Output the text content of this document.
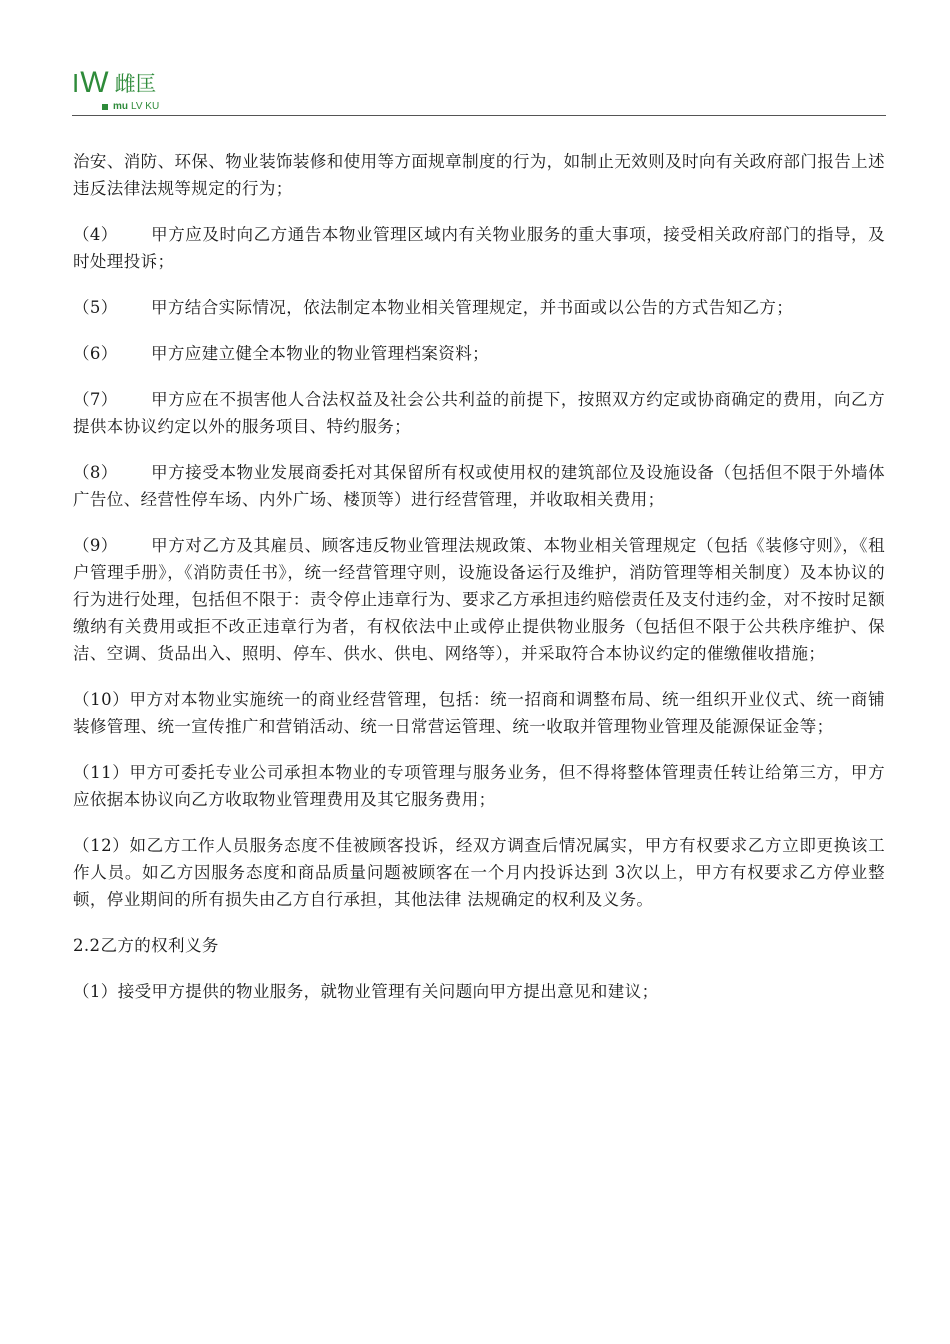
I W 雌匡
mu LV KU

治安、消防、环保、物业装饰装修和使用等方面规章制度的行为，如制止无效则及时向有关政府部门报告上述违反法律法规等规定的行为；

（4） 甲方应及时向乙方通告本物业管理区域内有关物业服务的重大事项，接受相关政府部门的指导，及时处理投诉；

（5） 甲方结合实际情况，依法制定本物业相关管理规定，并书面或以公告的方式告知乙方；

（6） 甲方应建立健全本物业的物业管理档案资料；

（7） 甲方应在不损害他人合法权益及社会公共利益的前提下，按照双方约定或协商确定的费用，向乙方提供本协议约定以外的服务项目、特约服务；

（8） 甲方接受本物业发展商委托对其保留所有权或使用权的建筑部位及设施设备（包括但不限于外墙体广告位、经营性停车场、内外广场、楼顶等）进行经营管理，并收取相关费用；

（9） 甲方对乙方及其雇员、顾客违反物业管理法规政策、本物业相关管理规定（包括《装修守则》，《租户管理手册》，《消防责任书》，统一经营管理守则，设施设备运行及维护，消防管理等相关制度）及本协议的行为进行处理，包括但不限于：责令停止违章行为、要求乙方承担违约赔偿责任及支付违约金，对不按时足额缴纳有关费用或拒不改正违章行为者，有权依法中止或停止提供物业服务（包括但不限于公共秩序维护、保洁、空调、货品出入、照明、停车、供水、供电、网络等），并采取符合本协议约定的催缴催收措施；

（10）甲方对本物业实施统一的商业经营管理，包括：统一招商和调整布局、统一组织开业仪式、统一商铺装修管理、统一宣传推广和营销活动、统一日常营运管理、统一收取并管理物业管理及能源保证金等；

（11）甲方可委托专业公司承担本物业的专项管理与服务业务，但不得将整体管理责任转让给第三方，甲方应依据本协议向乙方收取物业管理费用及其它服务费用；

（12）如乙方工作人员服务态度不佳被顾客投诉，经双方调查后情况属实，甲方有权要求乙方立即更换该工作人员。如乙方因服务态度和商品质量问题被顾客在一个月内投诉达到 3次以上，甲方有权要求乙方停业整顿，停业期间的所有损失由乙方自行承担，其他法律 法规确定的权利及义务。

2.2乙方的权利义务

（1）接受甲方提供的物业服务，就物业管理有关问题向甲方提出意见和建议；
